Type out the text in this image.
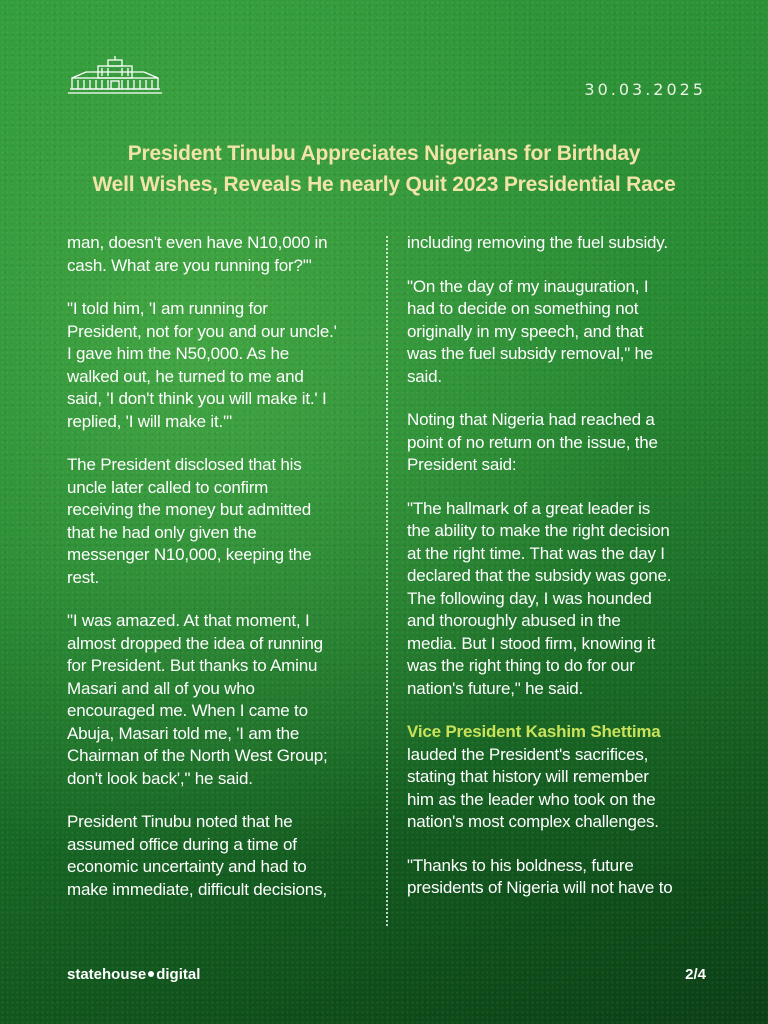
30.03.2025
President Tinubu Appreciates Nigerians for Birthday
Well Wishes, Reveals He nearly Quit 2023 Presidential Race

man, doesn't even have N10,000 in
cash. What are you running for?'"

"I told him, 'I am running for
President, not for you and our uncle.'
I gave him the N50,000. As he
walked out, he turned to me and
said, 'I don't think you will make it.' I
replied, 'I will make it.'"

The President disclosed that his
uncle later called to confirm
receiving the money but admitted
that he had only given the
messenger N10,000, keeping the
rest.

"I was amazed. At that moment, I
almost dropped the idea of running
for President. But thanks to Aminu
Masari and all of you who
encouraged me. When I came to
Abuja, Masari told me, 'I am the
Chairman of the North West Group;
don't look back'," he said.

President Tinubu noted that he
assumed office during a time of
economic uncertainty and had to
make immediate, difficult decisions,

including removing the fuel subsidy.

"On the day of my inauguration, I
had to decide on something not
originally in my speech, and that
was the fuel subsidy removal," he
said.

Noting that Nigeria had reached a
point of no return on the issue, the
President said:

"The hallmark of a great leader is
the ability to make the right decision
at the right time. That was the day I
declared that the subsidy was gone.
The following day, I was hounded
and thoroughly abused in the
media. But I stood firm, knowing it
was the right thing to do for our
nation's future," he said.

Vice President Kashim Shettima
lauded the President's sacrifices,
stating that history will remember
him as the leader who took on the
nation's most complex challenges.

"Thanks to his boldness, future
presidents of Nigeria will not have to

statehouse digital	2/4
